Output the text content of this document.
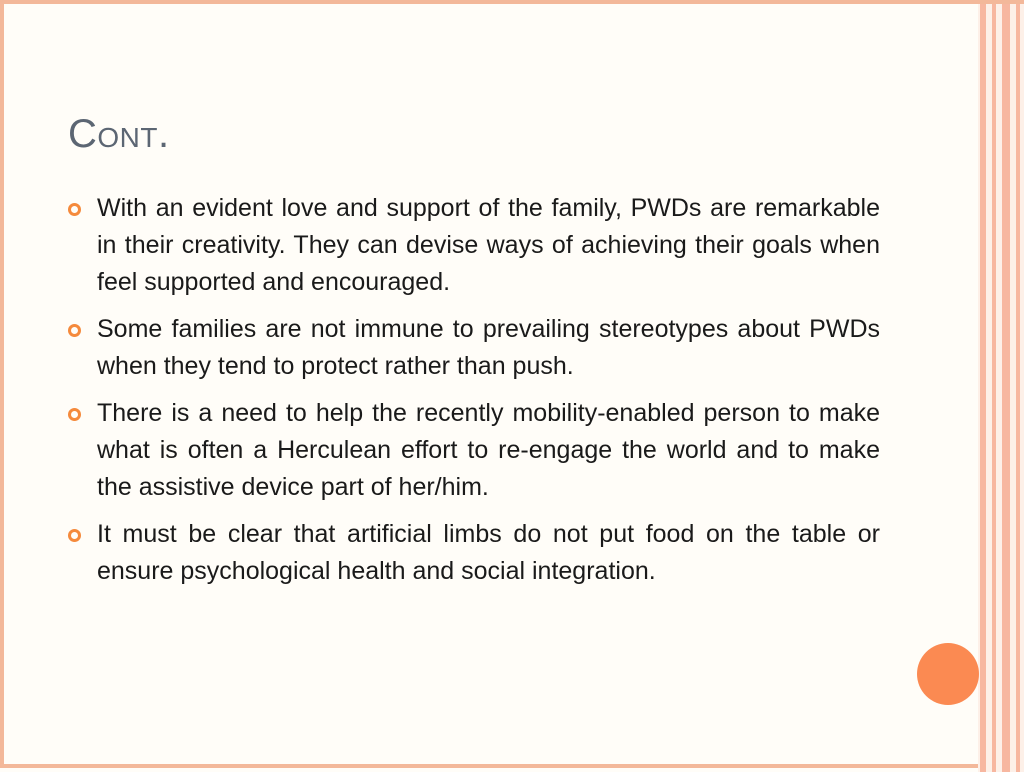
Cont.
With an evident love and support of the family, PWDs are remarkable in their creativity. They can devise ways of achieving their goals when feel supported and encouraged.
Some families are not immune to prevailing stereotypes about PWDs when they tend to protect rather than push.
There is a need to help the recently mobility-enabled person to make what is often a Herculean effort to re-engage the world and to make the assistive device part of her/him.
It must be clear that artificial limbs do not put food on the table or ensure psychological health and social integration.
